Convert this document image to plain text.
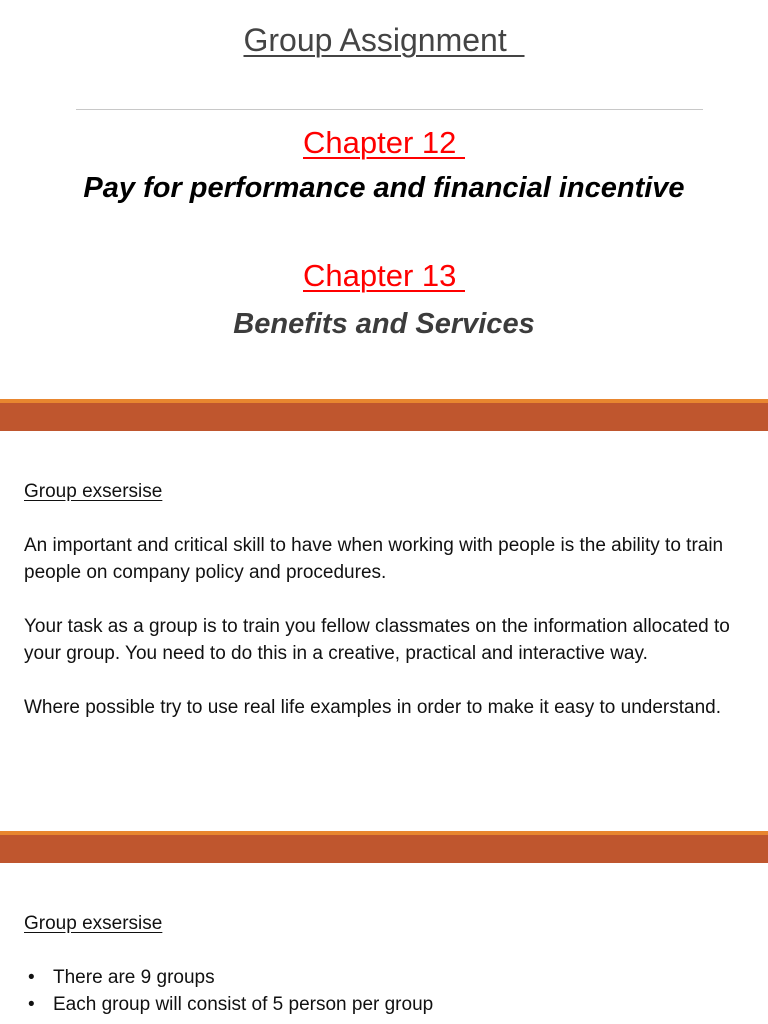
Group Assignment
Chapter 12
Pay for performance and financial incentive
Chapter 13
Benefits and Services

Group exsersise

An important and critical skill to have when working with people is the ability to train people on company policy and procedures.

Your task as a group is to train you fellow classmates on the information allocated to your group. You need to do this in a creative, practical and interactive way.

Where possible try to use real life examples in order to make it easy to understand.

Group exsersise

• There are 9 groups
• Each group will consist of 5 person per group
